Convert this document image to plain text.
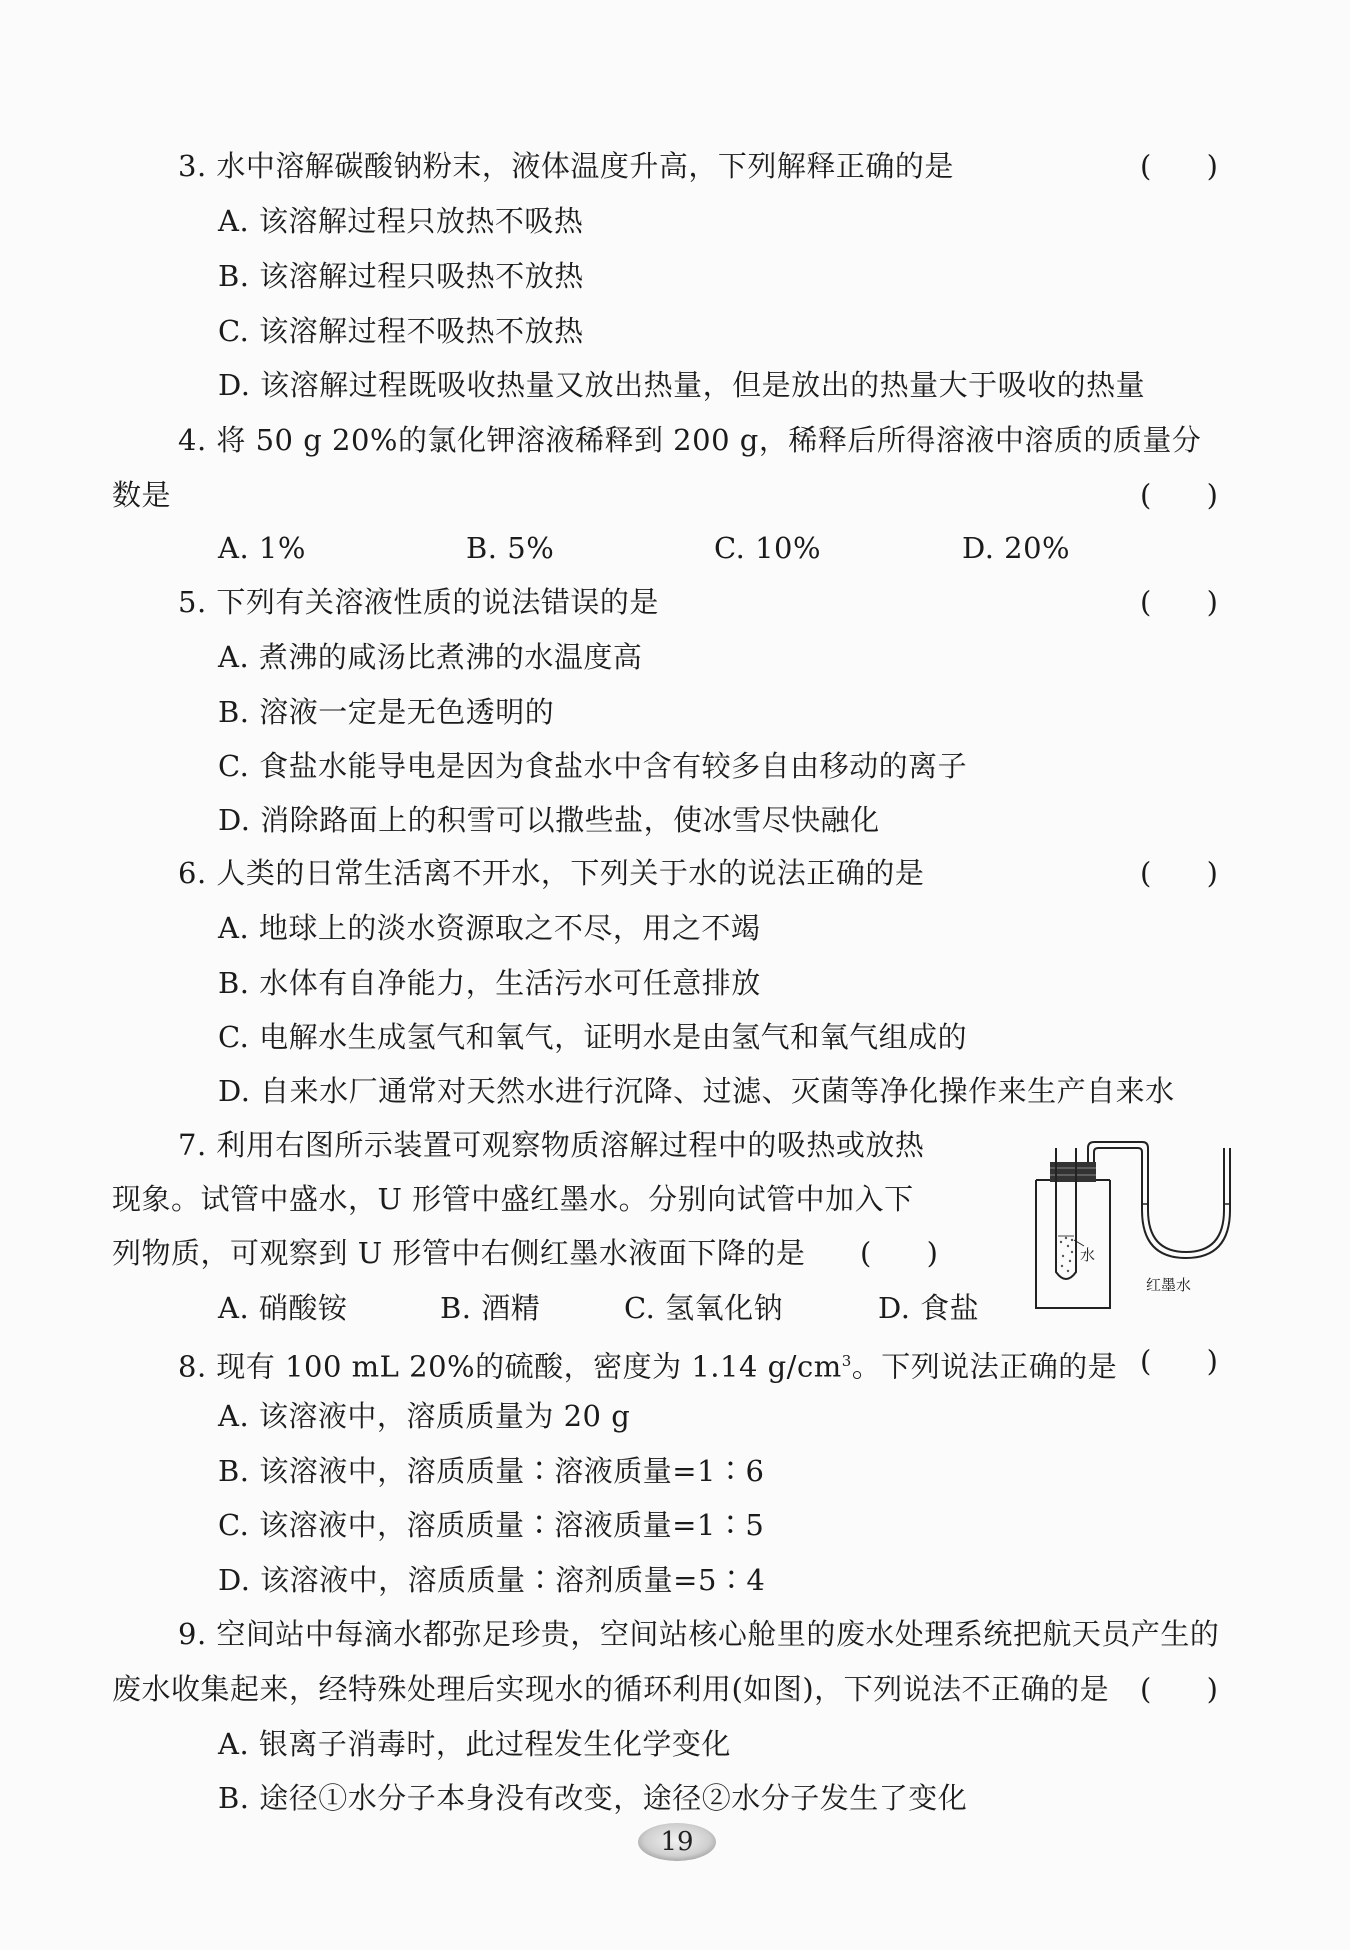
3. 水中溶解碳酸钠粉末，液体温度升高，下列解释正确的是	(      )
A. 该溶解过程只放热不吸热
B. 该溶解过程只吸热不放热
C. 该溶解过程不吸热不放热
D. 该溶解过程既吸收热量又放出热量，但是放出的热量大于吸收的热量
4. 将 50 g 20%的氯化钾溶液稀释到 200 g，稀释后所得溶液中溶质的质量分
数是	(      )
A. 1%	B. 5%	C. 10%	D. 20%
5. 下列有关溶液性质的说法错误的是	(      )
A. 煮沸的咸汤比煮沸的水温度高
B. 溶液一定是无色透明的
C. 食盐水能导电是因为食盐水中含有较多自由移动的离子
D. 消除路面上的积雪可以撒些盐，使冰雪尽快融化
6. 人类的日常生活离不开水，下列关于水的说法正确的是	(      )
A. 地球上的淡水资源取之不尽，用之不竭
B. 水体有自净能力，生活污水可任意排放
C. 电解水生成氢气和氧气，证明水是由氢气和氧气组成的
D. 自来水厂通常对天然水进行沉降、过滤、灭菌等净化操作来生产自来水
7. 利用右图所示装置可观察物质溶解过程中的吸热或放热
现象。试管中盛水，U 形管中盛红墨水。分别向试管中加入下
列物质，可观察到 U 形管中右侧红墨水液面下降的是 (      )
A. 硝酸铵	B. 酒精	C. 氢氧化钠	D. 食盐
水
红墨水
8. 现有 100 mL 20%的硫酸，密度为 1.14 $g/cm^3$。下列说法正确的是 (      )
A. 该溶液中，溶质质量为 20 g
B. 该溶液中，溶质质量∶溶液质量=1∶6
C. 该溶液中，溶质质量∶溶液质量=1∶5
D. 该溶液中，溶质质量∶溶剂质量=5∶4
9. 空间站中每滴水都弥足珍贵，空间站核心舱里的废水处理系统把航天员产生的
废水收集起来，经特殊处理后实现水的循环利用(如图)，下列说法不正确的是 (      )
A. 银离子消毒时，此过程发生化学变化
B. 途径①水分子本身没有改变，途径②水分子发生了变化
19
